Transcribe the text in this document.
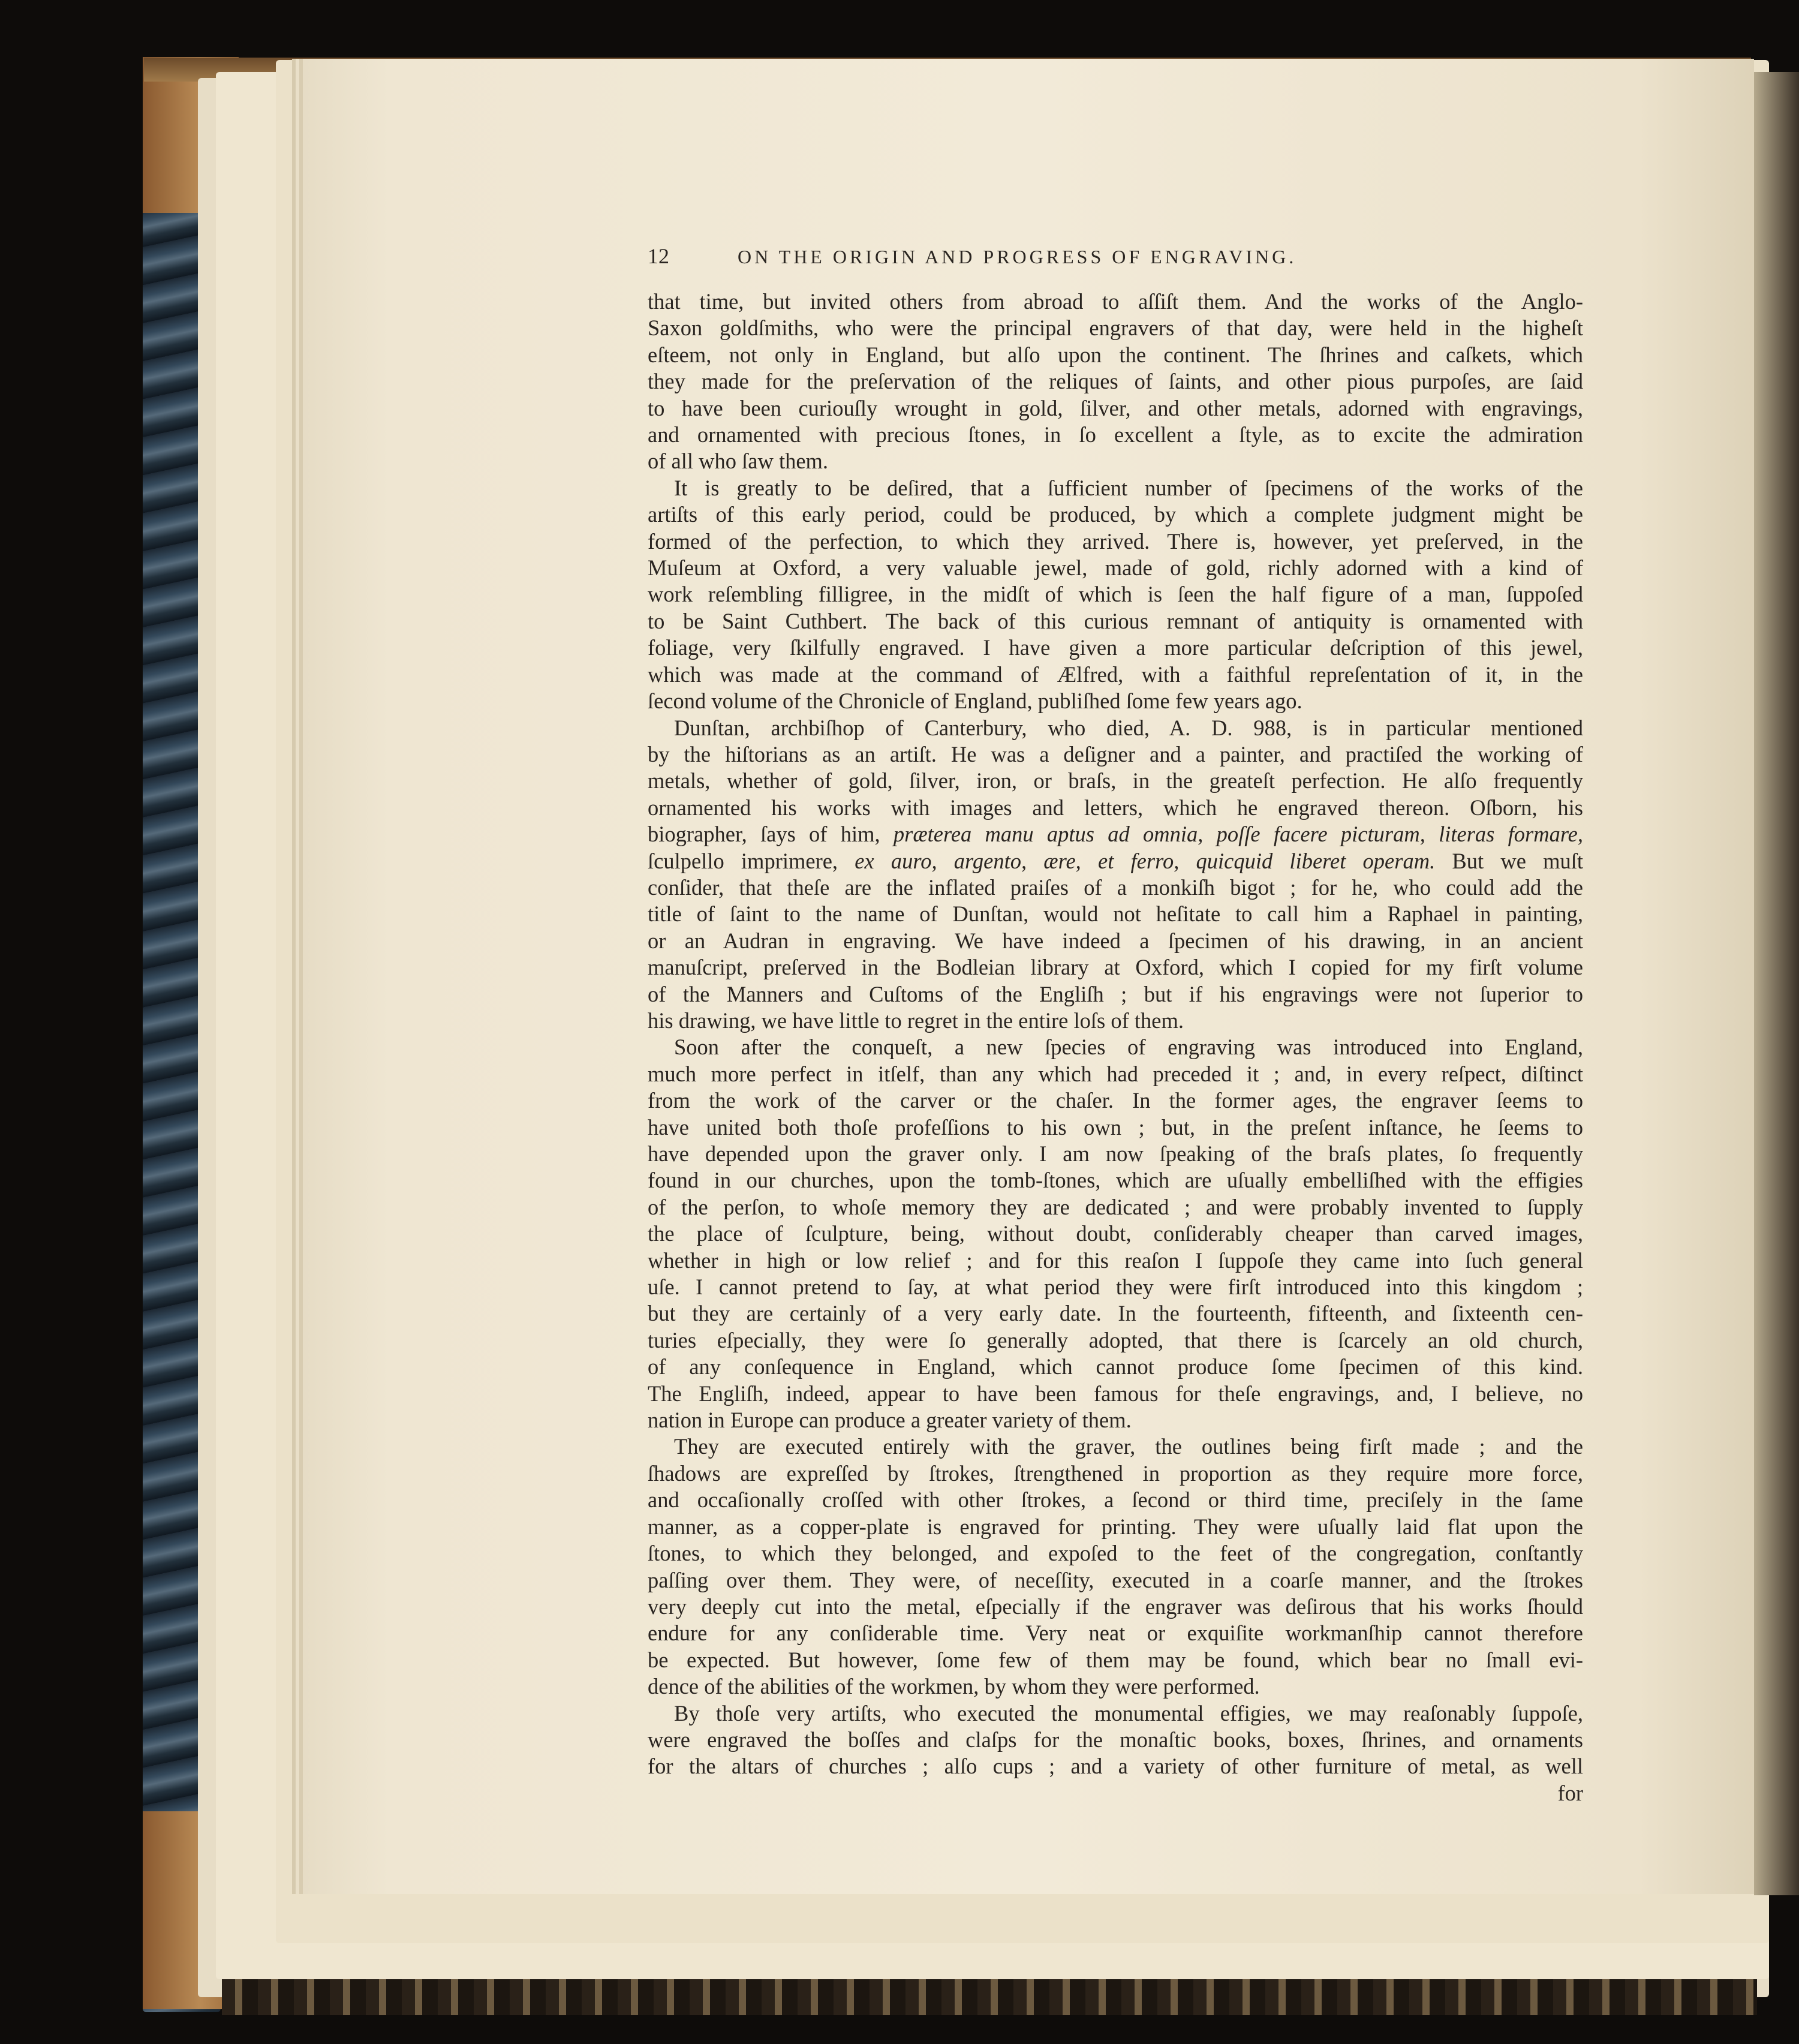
12	ON THE ORIGIN AND PROGRESS OF ENGRAVING.
that time, but invited others from abroad to aſſiſt them. And the works of the Anglo-
Saxon goldſmiths, who were the principal engravers of that day, were held in the higheſt
eſteem, not only in England, but alſo upon the continent. The ſhrines and caſkets, which
they made for the preſervation of the reliques of ſaints, and other pious purpoſes, are ſaid
to have been curiouſly wrought in gold, ſilver, and other metals, adorned with engravings,
and ornamented with precious ſtones, in ſo excellent a ſtyle, as to excite the admiration
of all who ſaw them.
It is greatly to be deſired, that a ſufficient number of ſpecimens of the works of the
artiſts of this early period, could be produced, by which a complete judgment might be
formed of the perfection, to which they arrived. There is, however, yet preſerved, in the
Muſeum at Oxford, a very valuable jewel, made of gold, richly adorned with a kind of
work reſembling filligree, in the midſt of which is ſeen the half figure of a man, ſuppoſed
to be Saint Cuthbert. The back of this curious remnant of antiquity is ornamented with
foliage, very ſkilfully engraved. I have given a more particular deſcription of this jewel,
which was made at the command of Ælfred, with a faithful repreſentation of it, in the
ſecond volume of the Chronicle of England, publiſhed ſome few years ago.
Dunſtan, archbiſhop of Canterbury, who died, A. D. 988, is in particular mentioned
by the hiſtorians as an artiſt. He was a deſigner and a painter, and practiſed the working of
metals, whether of gold, ſilver, iron, or braſs, in the greateſt perfection. He alſo frequently
ornamented his works with images and letters, which he engraved thereon. Oſborn, his
biographer, ſays of him, præterea manu aptus ad omnia, poſſe facere picturam, literas formare,
ſculpello imprimere, ex auro, argento, ære, et ferro, quicquid liberet operam. But we muſt
conſider, that theſe are the inflated praiſes of a monkiſh bigot ; for he, who could add the
title of ſaint to the name of Dunſtan, would not heſitate to call him a Raphael in painting,
or an Audran in engraving. We have indeed a ſpecimen of his drawing, in an ancient
manuſcript, preſerved in the Bodleian library at Oxford, which I copied for my firſt volume
of the Manners and Cuſtoms of the Engliſh ; but if his engravings were not ſuperior to
his drawing, we have little to regret in the entire loſs of them.
Soon after the conqueſt, a new ſpecies of engraving was introduced into England,
much more perfect in itſelf, than any which had preceded it ; and, in every reſpect, diſtinct
from the work of the carver or the chaſer. In the former ages, the engraver ſeems to
have united both thoſe profeſſions to his own ; but, in the preſent inſtance, he ſeems to
have depended upon the graver only. I am now ſpeaking of the braſs plates, ſo frequently
found in our churches, upon the tomb-ſtones, which are uſually embelliſhed with the effigies
of the perſon, to whoſe memory they are dedicated ; and were probably invented to ſupply
the place of ſculpture, being, without doubt, conſiderably cheaper than carved images,
whether in high or low relief ; and for this reaſon I ſuppoſe they came into ſuch general
uſe. I cannot pretend to ſay, at what period they were firſt introduced into this kingdom ;
but they are certainly of a very early date. In the fourteenth, fifteenth, and ſixteenth cen-
turies eſpecially, they were ſo generally adopted, that there is ſcarcely an old church,
of any conſequence in England, which cannot produce ſome ſpecimen of this kind.
The Engliſh, indeed, appear to have been famous for theſe engravings, and, I believe, no
nation in Europe can produce a greater variety of them.
They are executed entirely with the graver, the outlines being firſt made ; and the
ſhadows are expreſſed by ſtrokes, ſtrengthened in proportion as they require more force,
and occaſionally croſſed with other ſtrokes, a ſecond or third time, preciſely in the ſame
manner, as a copper-plate is engraved for printing. They were uſually laid flat upon the
ſtones, to which they belonged, and expoſed to the feet of the congregation, conſtantly
paſſing over them. They were, of neceſſity, executed in a coarſe manner, and the ſtrokes
very deeply cut into the metal, eſpecially if the engraver was deſirous that his works ſhould
endure for any conſiderable time. Very neat or exquiſite workmanſhip cannot therefore
be expected. But however, ſome few of them may be found, which bear no ſmall evi-
dence of the abilities of the workmen, by whom they were performed.
By thoſe very artiſts, who executed the monumental effigies, we may reaſonably ſuppoſe,
were engraved the boſſes and claſps for the monaſtic books, boxes, ſhrines, and ornaments
for the altars of churches ; alſo cups ; and a variety of other furniture of metal, as well
for
